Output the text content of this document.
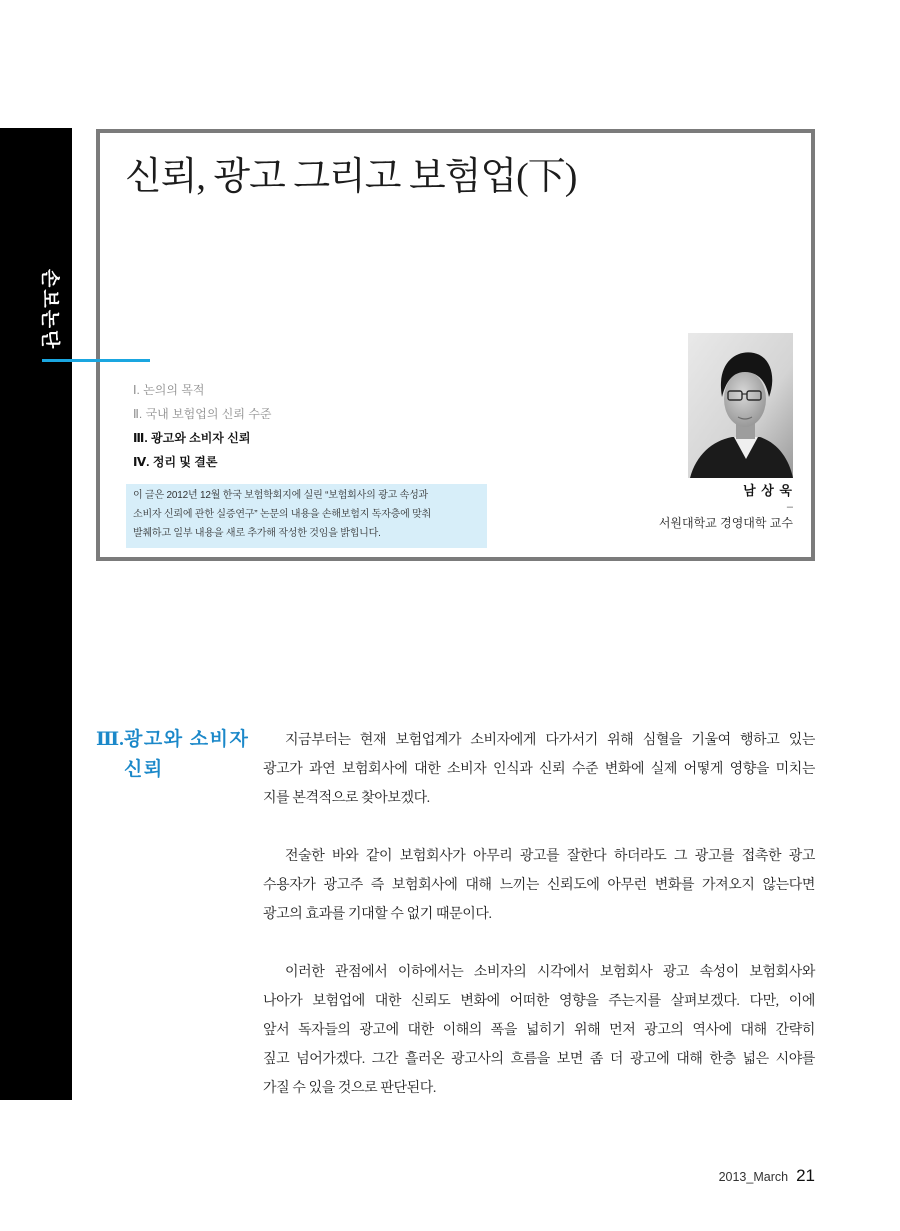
손보논단
신뢰, 광고 그리고 보험업(下)
Ⅰ. 논의의 목적
Ⅱ. 국내 보험업의 신뢰 수준
Ⅲ. 광고와 소비자 신뢰
Ⅳ. 정리 및 결론
이 글은 2012년 12월 한국 보험학회지에 실린 “보험회사의 광고 속성과
소비자 신뢰에 관한 실증연구” 논문의 내용을 손해보험지 독자층에 맞춰
발췌하고 일부 내용을 새로 추가해 작성한 것임을 밝힙니다.
남 상 욱
–
서원대학교 경영대학 교수
Ⅲ. 광고와 소비자
신뢰

지금부터는 현재 보험업계가 소비자에게 다가서기 위해 심혈을 기울여 행하고 있는
광고가 과연 보험회사에 대한 소비자 인식과 신뢰 수준 변화에 실제 어떻게 영향을 미치는
지를 본격적으로 찾아보겠다.

전술한 바와 같이 보험회사가 아무리 광고를 잘한다 하더라도 그 광고를 접촉한 광고
수용자가 광고주 즉 보험회사에 대해 느끼는 신뢰도에 아무런 변화를 가져오지 않는다면
광고의 효과를 기대할 수 없기 때문이다.

이러한 관점에서 이하에서는 소비자의 시각에서 보험회사 광고 속성이 보험회사와
나아가 보험업에 대한 신뢰도 변화에 어떠한 영향을 주는지를 살펴보겠다. 다만, 이에
앞서 독자들의 광고에 대한 이해의 폭을 넓히기 위해 먼저 광고의 역사에 대해 간략히
짚고 넘어가겠다. 그간 흘러온 광고사의 흐름을 보면 좀 더 광고에 대해 한층 넓은 시야를
가질 수 있을 것으로 판단된다.

2013_March 21
